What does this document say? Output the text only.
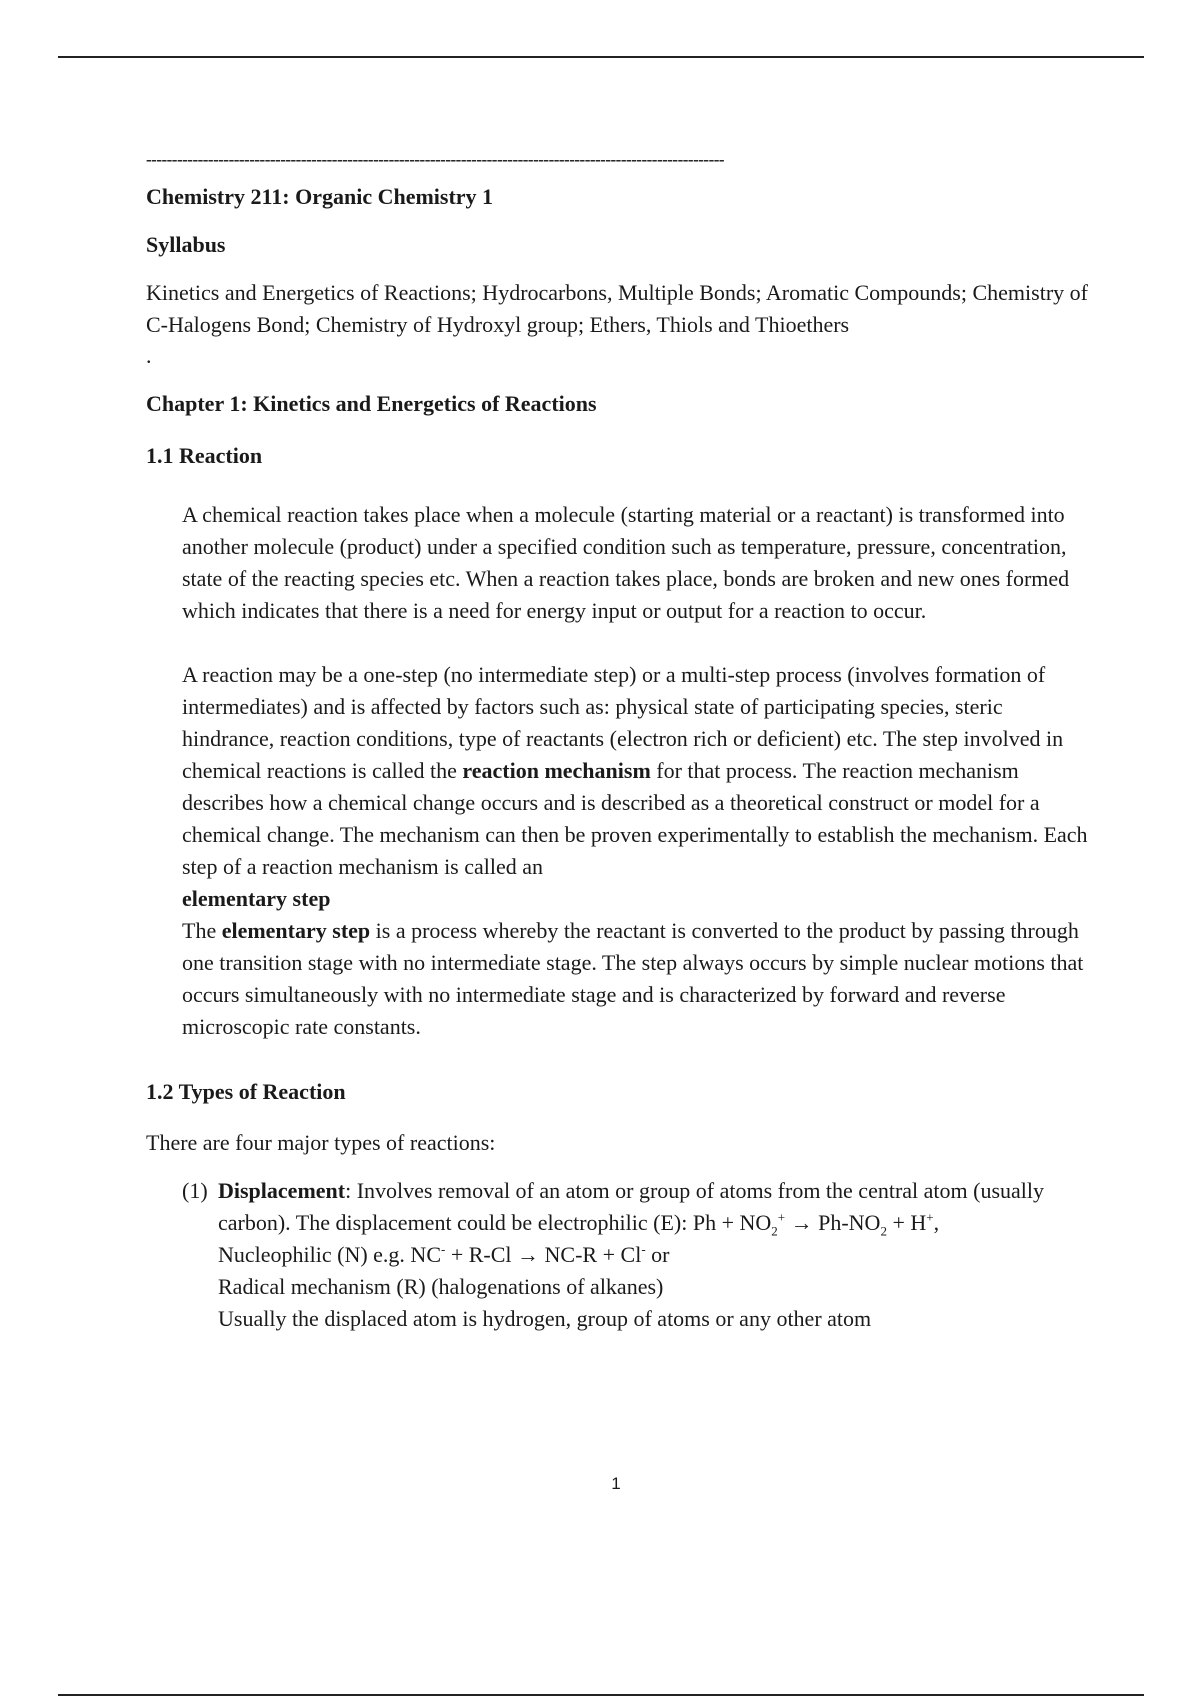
----------------------------------------------------------------------------------------------------------------

Chemistry 211: Organic Chemistry 1

Syllabus

Kinetics and Energetics of Reactions; Hydrocarbons, Multiple Bonds; Aromatic Compounds; Chemistry of C-Halogens Bond; Chemistry of Hydroxyl group; Ethers, Thiols and Thioethers
.

Chapter 1: Kinetics and Energetics of Reactions

1.1 Reaction

A chemical reaction takes place when a molecule (starting material or a reactant) is transformed into another molecule (product) under a specified condition such as temperature, pressure, concentration, state of the reacting species etc. When a reaction takes place, bonds are broken and new ones formed which indicates that there is a need for energy input or output for a reaction to occur.
A reaction may be a one-step (no intermediate step) or a multi-step process (involves formation of intermediates) and is affected by factors such as: physical state of participating species, steric hindrance, reaction conditions, type of reactants (electron rich or deficient) etc. The step involved in chemical reactions is called the reaction mechanism for that process. The reaction mechanism describes how a chemical change occurs and is described as a theoretical construct or model for a chemical change. The mechanism can then be proven experimentally to establish the mechanism. Each step of a reaction mechanism is called an
elementary step
The elementary step is a process whereby the reactant is converted to the product by passing through one transition stage with no intermediate stage. The step always occurs by simple nuclear motions that occurs simultaneously with no intermediate stage and is characterized by forward and reverse microscopic rate constants.

1.2 Types of Reaction

There are four major types of reactions:
(1) Displacement: Involves removal of an atom or group of atoms from the central atom (usually carbon). The displacement could be electrophilic (E): $Ph + NO_2^+ \to Ph-NO_2 + H^+$,
Nucleophilic (N) e.g. NC- + R-Cl → NC-R + Cl- or
Radical mechanism (R) (halogenations of alkanes)
Usually the displaced atom is hydrogen, group of atoms or any other atom
1
